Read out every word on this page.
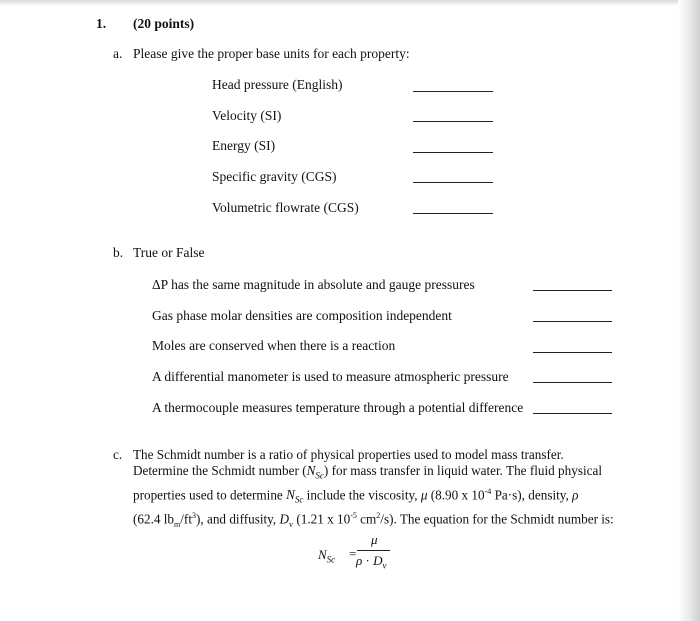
1. (20 points)
a. Please give the proper base units for each property:
Head pressure (English)
Velocity (SI)
Energy (SI)
Specific gravity (CGS)
Volumetric flowrate (CGS)
b. True or False
ΔP has the same magnitude in absolute and gauge pressures
Gas phase molar densities are composition independent
Moles are conserved when there is a reaction
A differential manometer is used to measure atmospheric pressure
A thermocouple measures temperature through a potential difference
c. The Schmidt number is a ratio of physical properties used to model mass transfer. Determine the Schmidt number $(N_{Sc})$ for mass transfer in liquid water. The fluid physical properties used to determine $N_{Sc}$ include the viscosity, μ (8.90 x $10^{-4}$ Pa·s), density, ρ
(62.4 $lb_m/ft^3$), and diffusity, $D_v$ (1.21 x $10^{-5}$ $cm^2/s$). The equation for the Schmidt number is:

$N_{Sc}$ =
μ
$\rho \cdot D_v$
